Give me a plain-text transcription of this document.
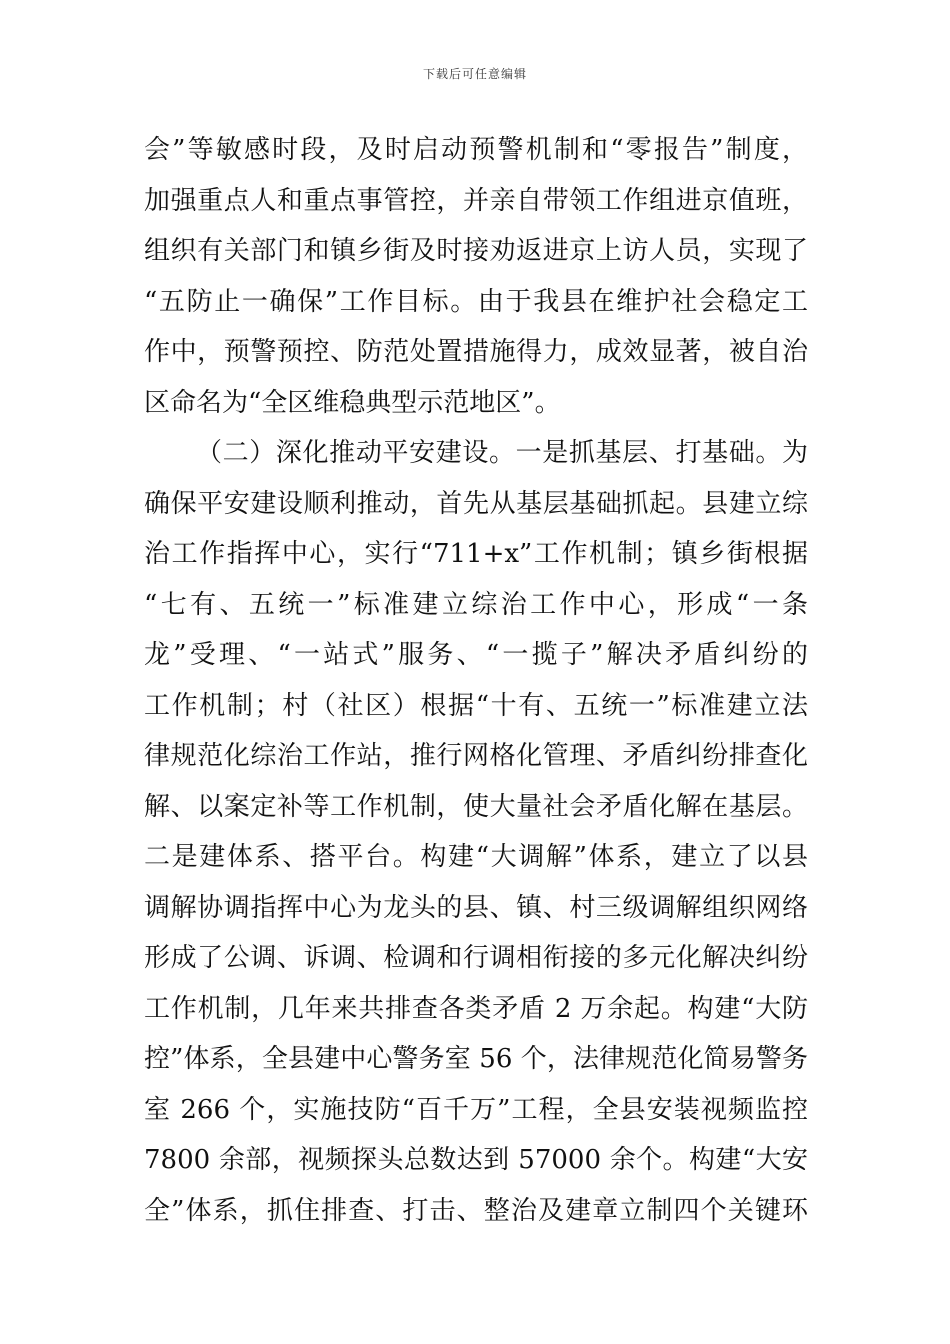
下载后可任意编辑
会”等敏感时段，及时启动预警机制和“零报告”制度，
加强重点人和重点事管控，并亲自带领工作组进京值班，
组织有关部门和镇乡街及时接劝返进京上访人员，实现了
“五防止一确保”工作目标。由于我县在维护社会稳定工
作中，预警预控、防范处置措施得力，成效显著，被自治
区命名为“全区维稳典型示范地区”。
（二）深化推动平安建设。一是抓基层、打基础。为
确保平安建设顺利推动，首先从基层基础抓起。县建立综
治工作指挥中心，实行“711+x”工作机制；镇乡街根据
“七有、五统一”标准建立综治工作中心，形成“一条
龙”受理、“一站式”服务、“一揽子”解决矛盾纠纷的
工作机制；村（社区）根据“十有、五统一”标准建立法
律规范化综治工作站，推行网格化管理、矛盾纠纷排查化
解、以案定补等工作机制，使大量社会矛盾化解在基层。
二是建体系、搭平台。构建“大调解”体系，建立了以县
调解协调指挥中心为龙头的县、镇、村三级调解组织网络
形成了公调、诉调、检调和行调相衔接的多元化解决纠纷
工作机制，几年来共排查各类矛盾 2 万余起。构建“大防
控”体系，全县建中心警务室 56 个，法律规范化简易警务
室 266 个，实施技防“百千万”工程，全县安装视频监控
7800 余部，视频探头总数达到 57000 余个。构建“大安
全”体系，抓住排查、打击、整治及建章立制四个关键环
